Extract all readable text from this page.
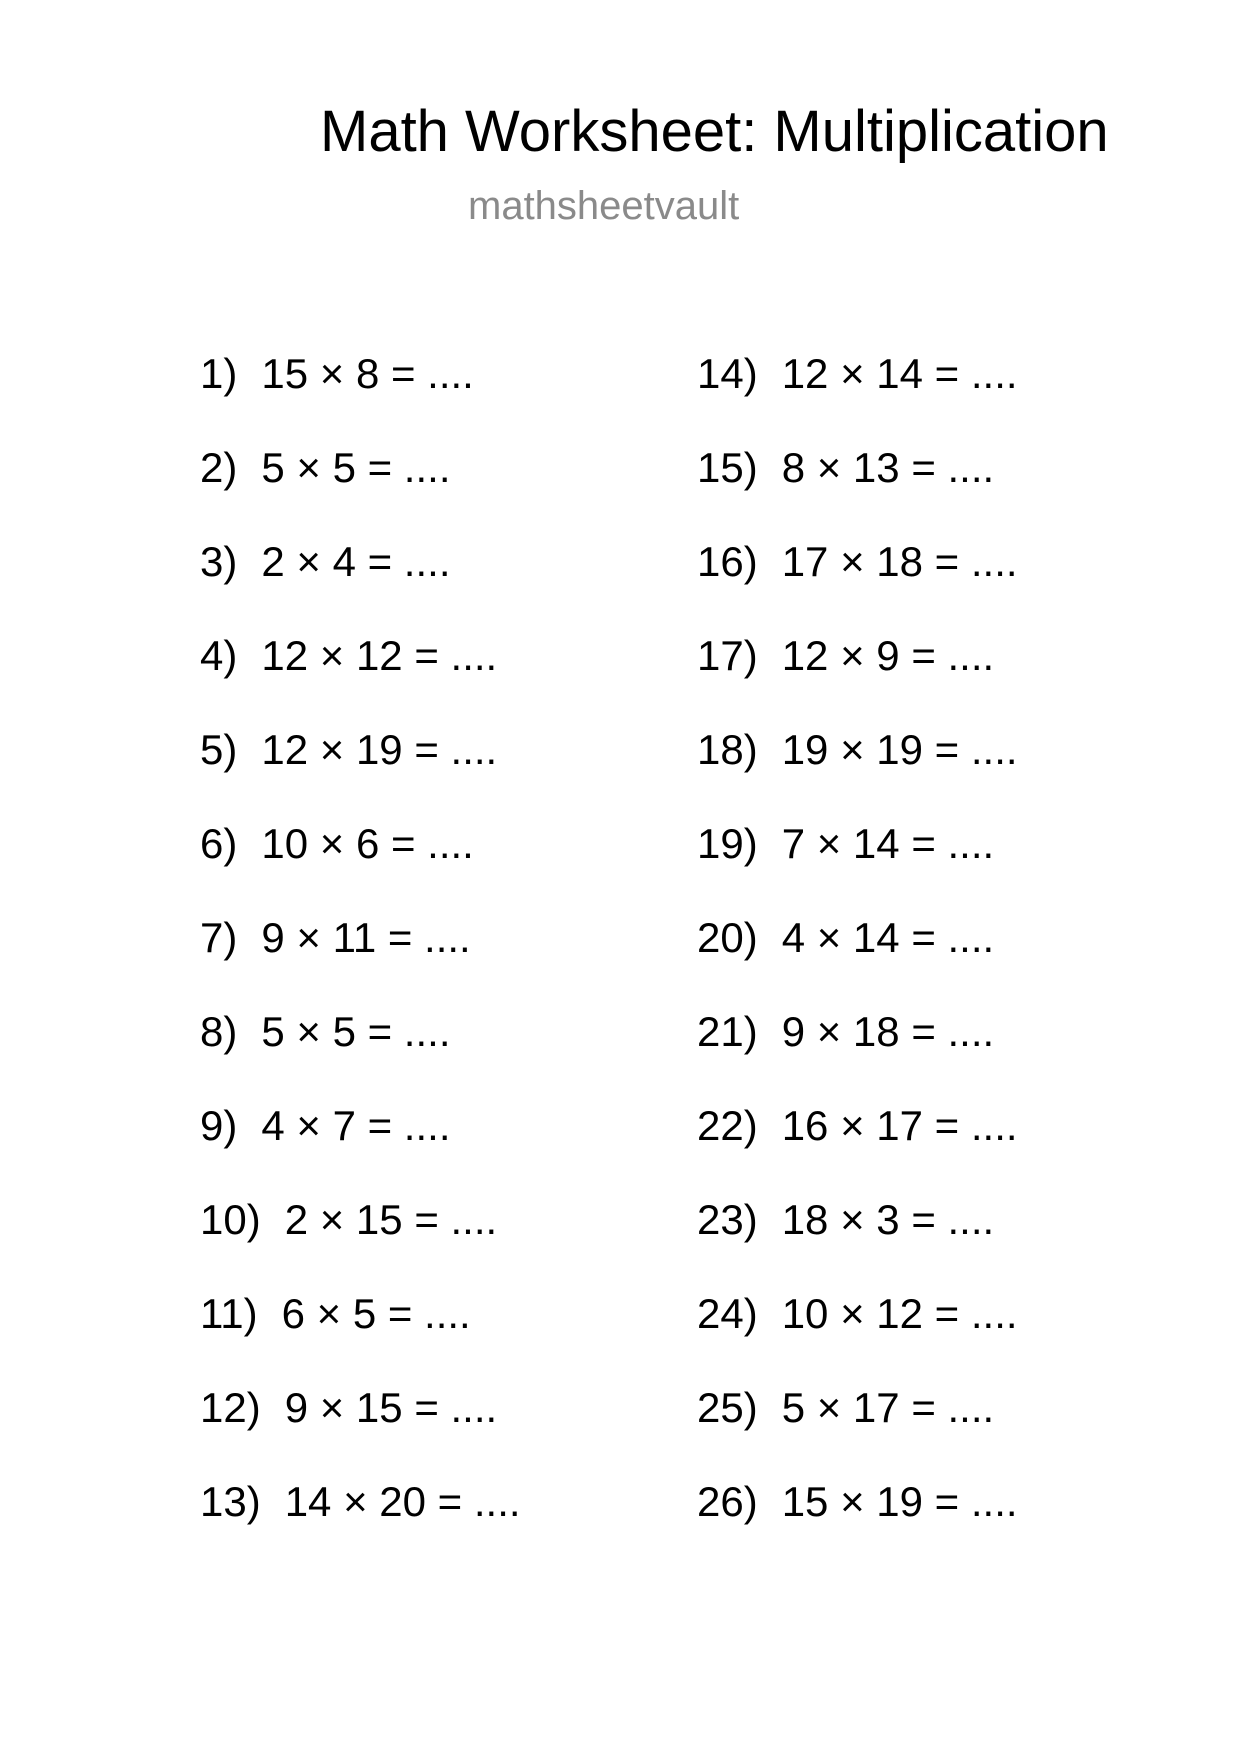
Math Worksheet: Multiplication
mathsheetvault
1) 15 × 8 = ....
2) 5 × 5 = ....
3) 2 × 4 = ....
4) 12 × 12 = ....
5) 12 × 19 = ....
6) 10 × 6 = ....
7) 9 × 11 = ....
8) 5 × 5 = ....
9) 4 × 7 = ....
10) 2 × 15 = ....
11) 6 × 5 = ....
12) 9 × 15 = ....
13) 14 × 20 = ....
14) 12 × 14 = ....
15) 8 × 13 = ....
16) 17 × 18 = ....
17) 12 × 9 = ....
18) 19 × 19 = ....
19) 7 × 14 = ....
20) 4 × 14 = ....
21) 9 × 18 = ....
22) 16 × 17 = ....
23) 18 × 3 = ....
24) 10 × 12 = ....
25) 5 × 17 = ....
26) 15 × 19 = ....
